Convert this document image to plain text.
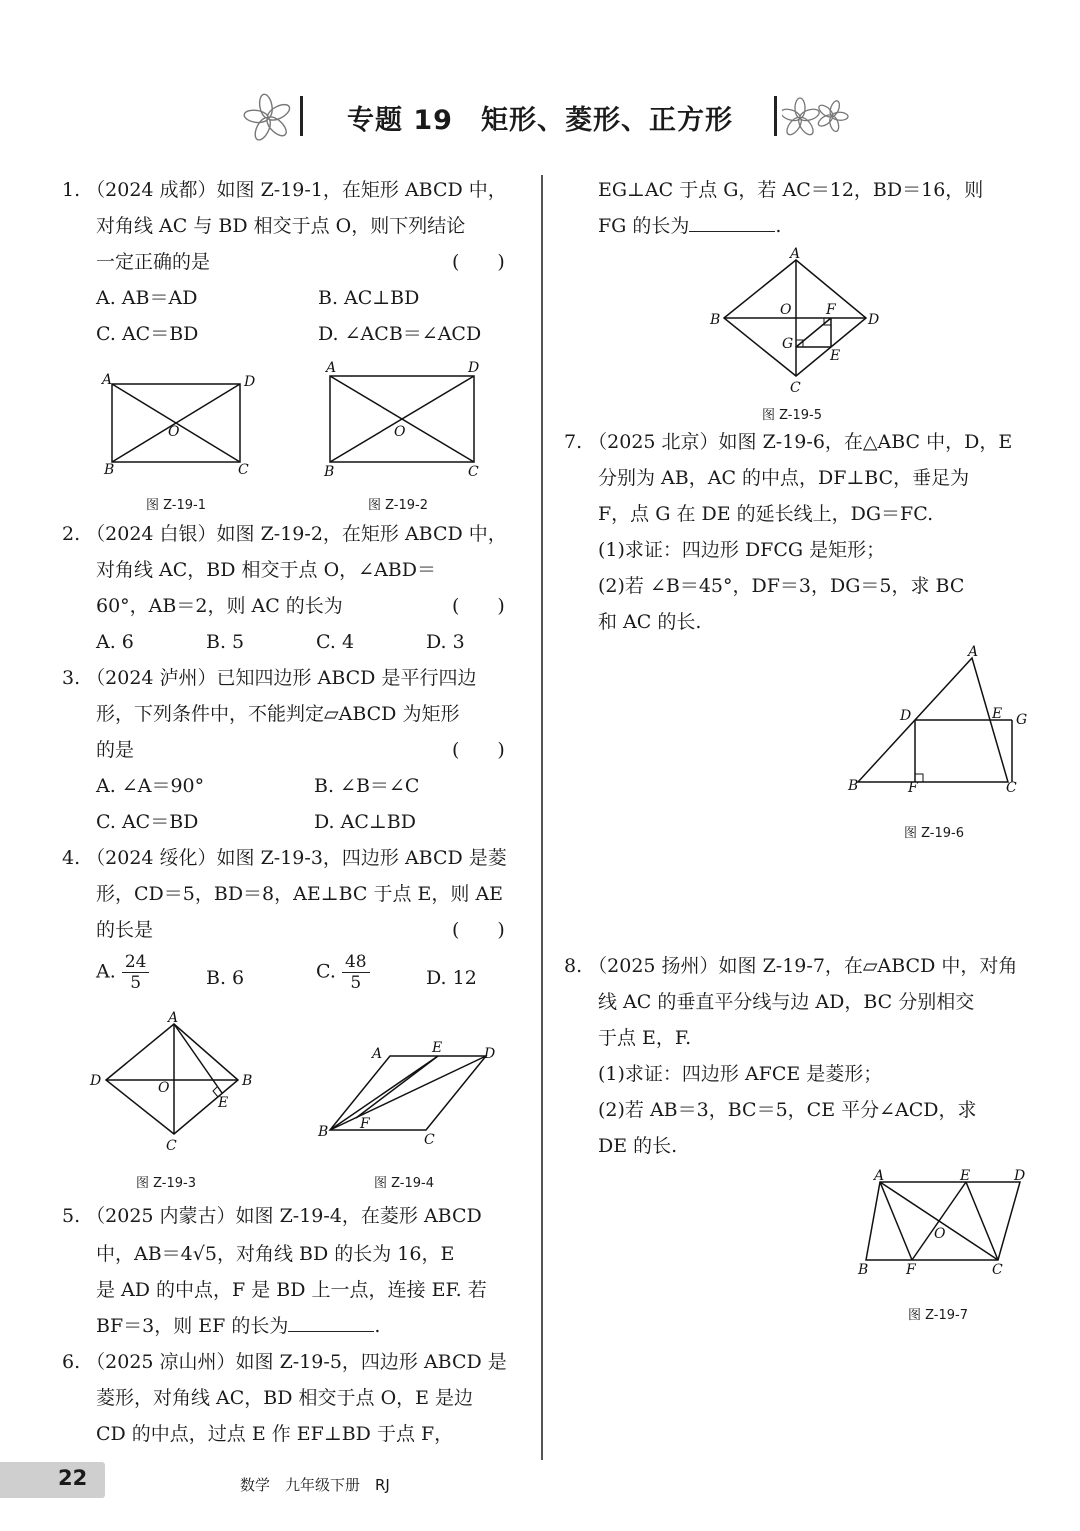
专题 19 矩形、菱形、正方形
1. （2024 成都）如图 Z-19-1，在矩形 ABCD 中，
对角线 AC 与 BD 相交于点 O，则下列结论
一定正确的是	(　　)
A. AB＝AD	B. AC⊥BD
C. AC＝BD	D. ∠ACB＝∠ACD
A	D
B	C
O
图 Z-19-1
A	D
B	C
O
图 Z-19-2
2. （2024 白银）如图 Z-19-2，在矩形 ABCD 中，
对角线 AC，BD 相交于点 O，∠ABD＝
60°，AB＝2，则 AC 的长为	(　　)
A. 6	B. 5	C. 4	D. 3
3. （2024 泸州）已知四边形 ABCD 是平行四边
形，下列条件中，不能判定▱ABCD 为矩形
的是	(　　)
A. ∠A＝90°	B. ∠B＝∠C
C. AC＝BD	D. AC⊥BD
4. （2024 绥化）如图 Z-19-3，四边形 ABCD 是菱
形，CD＝5，BD＝8，AE⊥BC 于点 E，则 AE
的长是	(　　)
A. $\frac{24}{5}$	B. 6	C. $\frac{48}{5}$	D. 12
D
A
B
C
O
E
图 Z-19-3
A	E	D
B	C
F
图 Z-19-4
5. （2025 内蒙古）如图 Z-19-4，在菱形 ABCD
中，AB＝4√5，对角线 BD 的长为 16，E
是 AD 的中点，F 是 BD 上一点，连接 EF. 若
BF＝3，则 EF 的长为	.
6. （2025 凉山州）如图 Z-19-5，四边形 ABCD 是
菱形，对角线 AC，BD 相交于点 O，E 是边
CD 的中点，过点 E 作 EF⊥BD 于点 F，
EG⊥AC 于点 G，若 AC＝12，BD＝16，则
FG 的长为	.
A
B	D
C
O F
G
E
图 Z-19-5
7. （2025 北京）如图 Z-19-6，在△ABC 中，D，E
分别为 AB，AC 的中点，DF⊥BC，垂足为
F，点 G 在 DE 的延长线上，DG＝FC.
(1)求证：四边形 DFCG 是矩形；
(2)若 ∠B＝45°，DF＝3，DG＝5，求 BC
和 AC 的长.
A
D	E G
B	F	C
图 Z-19-6
8. （2025 扬州）如图 Z-19-7，在▱ABCD 中，对角
线 AC 的垂直平分线与边 AD，BC 分别相交
于点 E，F.
(1)求证：四边形 AFCE 是菱形；
(2)若 AB＝3，BC＝5，CE 平分∠ACD，求
DE 的长.
A	E	D
B	F	C
O
图 Z-19-7
22	数学　九年级下册　RJ
